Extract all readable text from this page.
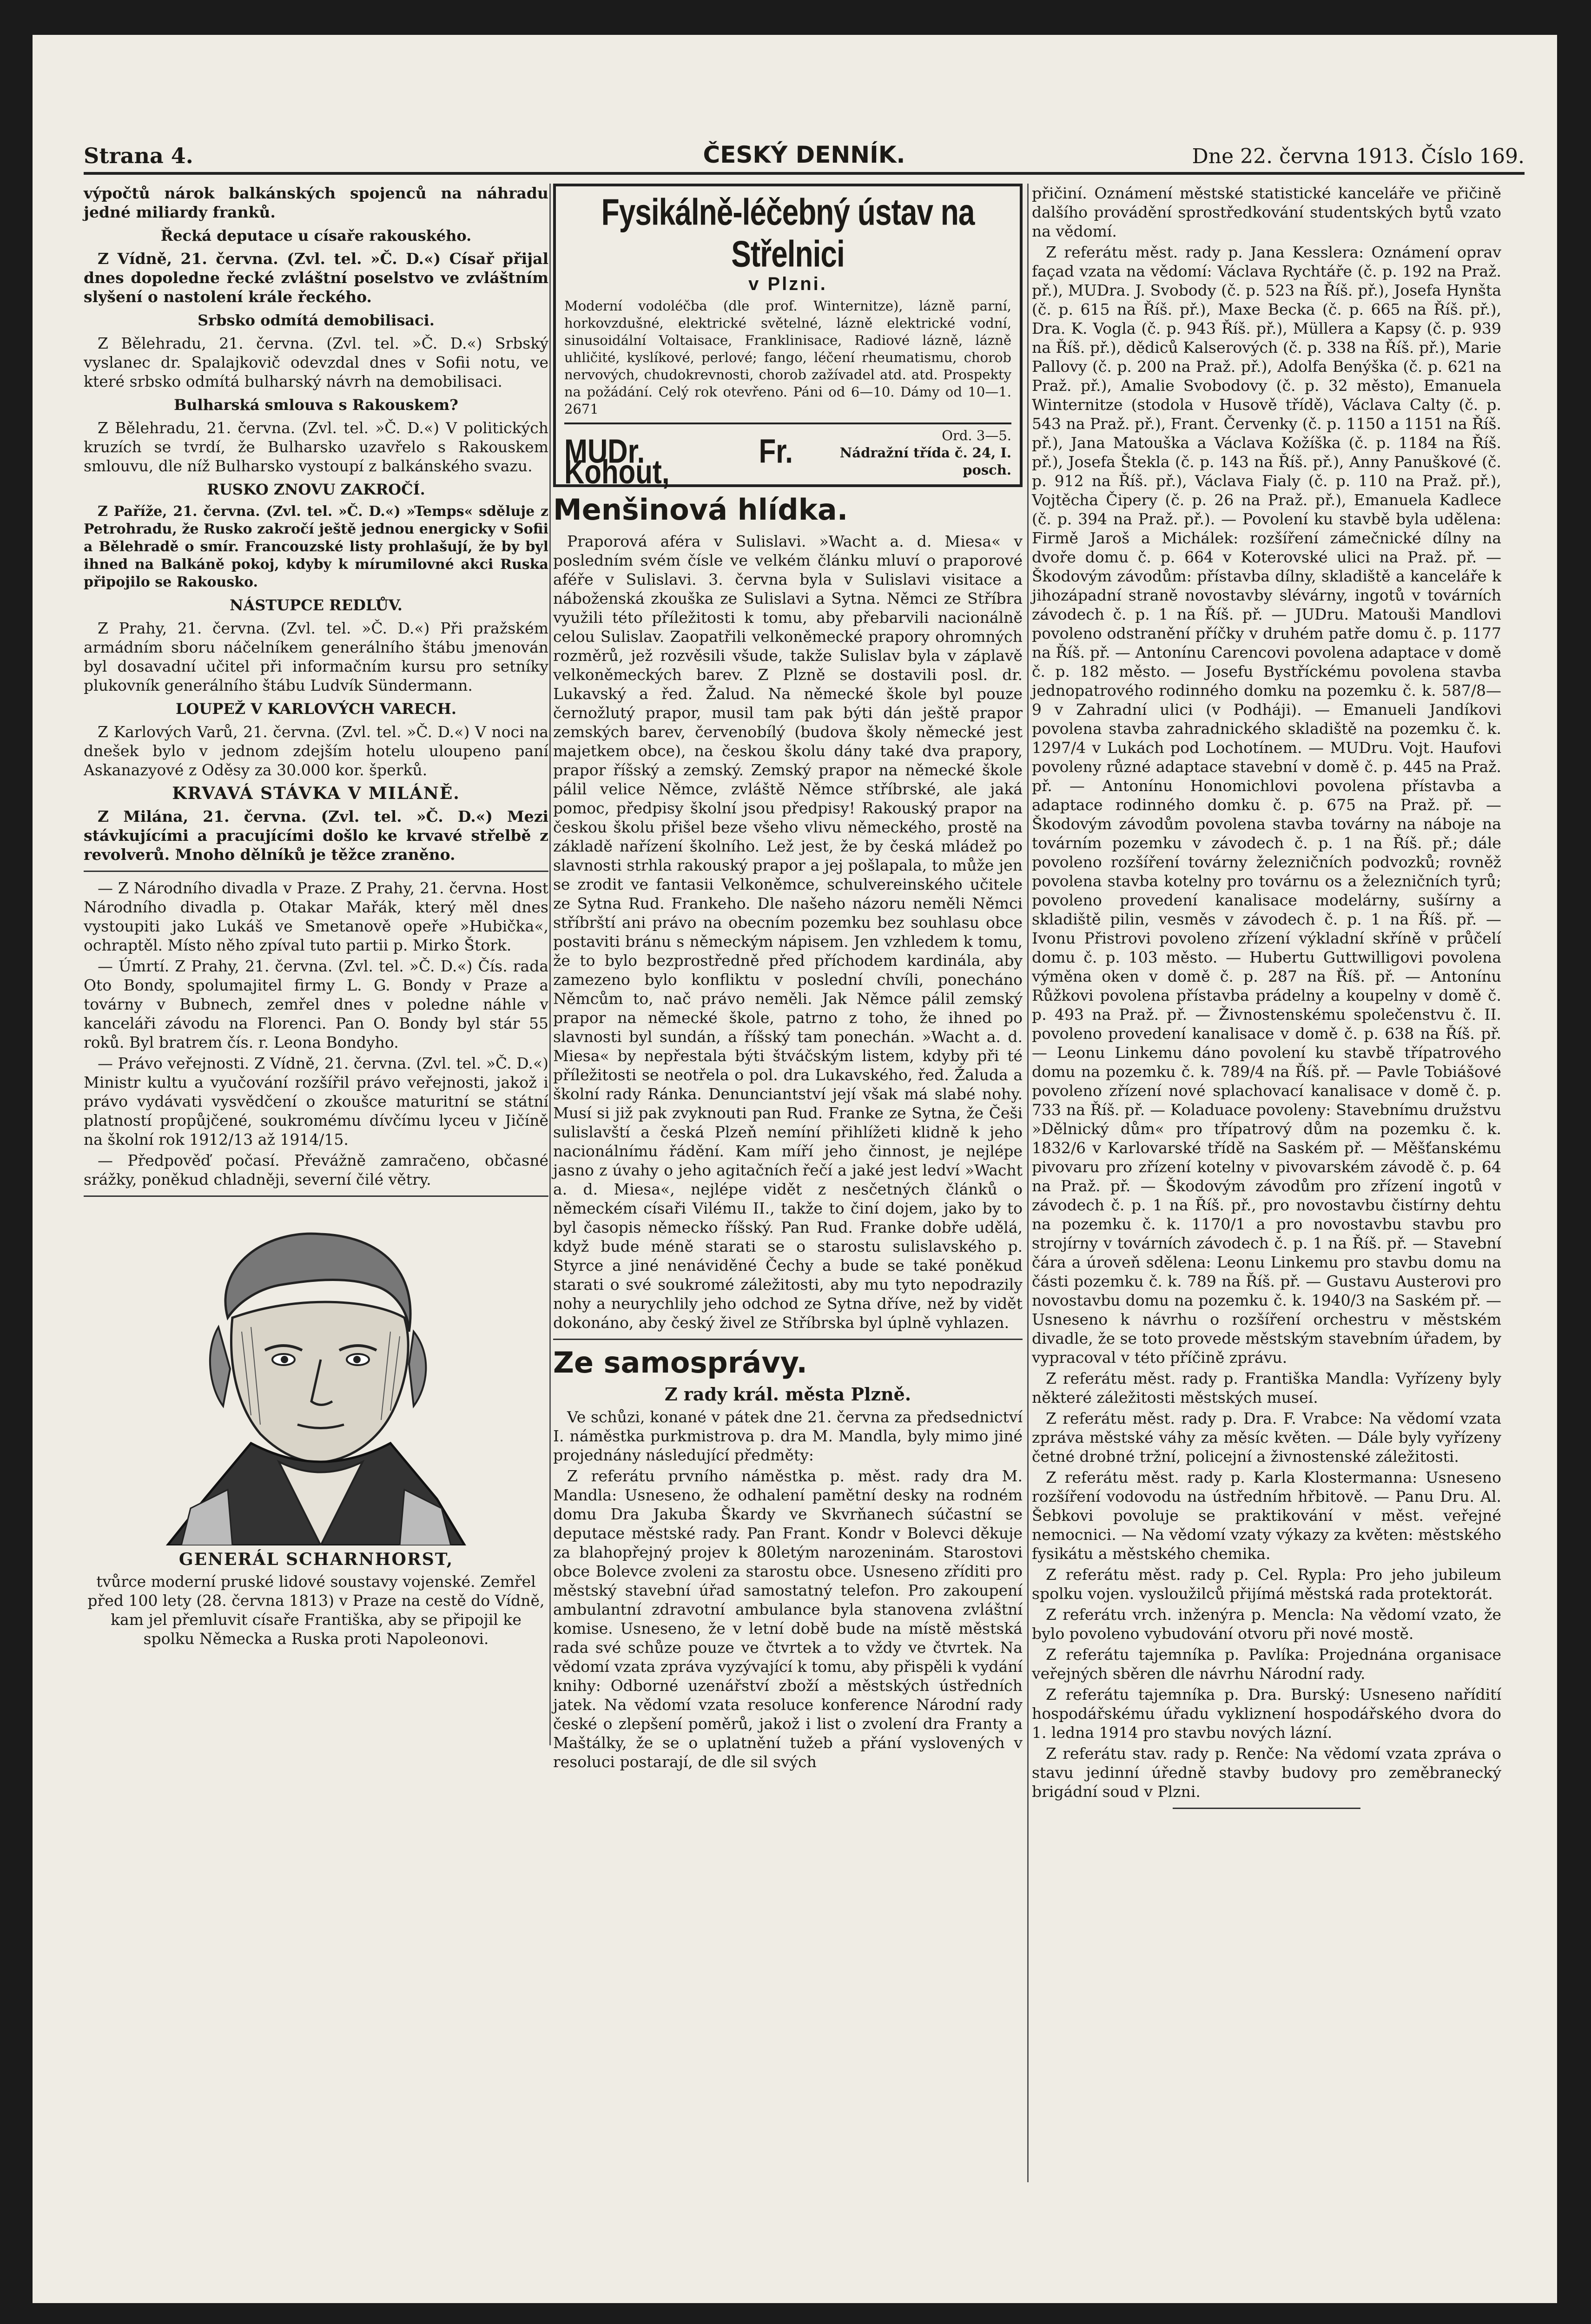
Strana 4.	ČESKÝ DENNÍK.	Dne 22. června 1913. Číslo 169.

výpočtů nárok balkánských spojenců na náhradu jedné miliardy franků.

Řecká deputace u císaře rakouského.

Z Vídně, 21. června. (Zvl. tel. »Č. D.«) Císař přijal dnes dopoledne řecké zvláštní poselstvo ve zvláštním slyšení o nastolení krále řeckého.

Srbsko odmítá demobilisaci.

Z Bělehradu, 21. června. (Zvl. tel. »Č. D.«) Srbský vyslanec dr. Spalajkovič odevzdal dnes v Sofii notu, ve které srbsko odmítá bulharský návrh na demobilisaci.

Bulharská smlouva s Rakouskem?

Z Bělehradu, 21. června. (Zvl. tel. »Č. D.«) V politických kruzích se tvrdí, že Bulharsko uzavřelo s Rakouskem smlouvu, dle níž Bulharsko vystoupí z balkánského svazu.

RUSKO ZNOVU ZAKROČÍ.

Z Paříže, 21. června. (Zvl. tel. »Č. D.«) »Temps« sděluje z Petrohradu, že Rusko zakročí ještě jednou energicky v Sofii a Bělehradě o smír. Francouzské listy prohlašují, že by byl ihned na Balkáně pokoj, kdyby k mírumilovné akci Ruska připojilo se Rakousko.

NÁSTUPCE REDLŮV.

Z Prahy, 21. června. (Zvl. tel. »Č. D.«) Při pražském armádním sboru náčelníkem generálního štábu jmenován byl dosavadní učitel při informačním kursu pro setníky plukovník generálního štábu Ludvík Sündermann.

LOUPEŽ V KARLOVÝCH VAREСH.

Z Karlových Varů, 21. června. (Zvl. tel. »Č. D.«) V noci na dnešek bylo v jednom zdejším hotelu uloupeno paní Askanazyové z Oděsy za 30.000 kor. šperků.

KRVAVÁ STÁVKA V MILÁNĚ.

Z Milána, 21. června. (Zvl. tel. »Č. D.«) Mezi stávkujícími a pracujícími došlo ke krvavé střelbě z revolverů. Mnoho dělníků je těžce zraněno.

— Z Národního divadla v Praze. Z Prahy, 21. června. Host Národního divadla p. Otakar Mařák, který měl dnes vystoupiti jako Lukáš ve Smetanově opeře »Hubička«, ochraptěl. Místo něho zpíval tuto partii p. Mirko Štork.

— Úmrtí. Z Prahy, 21. června. (Zvl. tel. »Č. D.«) Čís. rada Oto Bondy, spolumajitel firmy L. G. Bondy v Praze a továrny v Bubnech, zemřel dnes v poledne náhle v kanceláři závodu na Florenci. Pan O. Bondy byl stár 55 roků. Byl bratrem čís. r. Leona Bondyho.

— Právo veřejnosti. Z Vídně, 21. června. (Zvl. tel. »Č. D.«) Ministr kultu a vyučování rozšířil právo veřejnosti, jakož i právo vydávati vysvědčení o zkoušce maturitní se státní platností propůjčené, soukromému dívčímu lyceu v Jičíně na školní rok 1912/13 až 1914/15.

— Předpověď počasí. Převážně zamračeno, občasné srážky, poněkud chladněji, severní čilé větry.

GENERÁL SCHARNHORST,
tvůrce moderní pruské lidové soustavy vojenské. Zemřel před 100 lety (28. června 1813) v Praze na cestě do Vídně, kam jel přemluvit císaře Františka, aby se připojil ke spolku Německa a Ruska proti Napoleonovi.
Fysikálně-léčebný ústav na Střelnici
v Plzni.
Moderní vodoléčba (dle prof. Winternitze), lázně parní, horkovzdušné, elektrické světelné, lázně elektrické vodní, sinusoidální Voltaisace, Franklinisace, Radiové lázně, lázně uhličité, kyslíkové, perlové; fango, léčení rheumatismu, chorob nervových, chudokrevnosti, chorob zažívadel atd. atd. Prospekty na požádání. Celý rok otevřeno. Páni od 6—10. Dámy od 10—1. 2671
MUDr. Fr. Kohout,
Ord. 3—5.
Nádražní třída č. 24, I. posch.
Menšinová hlídka.

Praporová aféra v Sulislavi. »Wacht a. d. Miesa« v posledním svém čísle ve velkém článku mluví o praporové aféře v Sulislavi. 3. června byla v Sulislavi visitace a náboženská zkouška ze Sulislavi a Sytna. Němci ze Stříbra využili této příležitosti k tomu, aby přebarvili nacionálně celou Sulislav. Zaopatřili velkoněmecké prapory ohromných rozměrů, jež rozvěsili všude, takže Sulislav byla v záplavě velkoněmeckých barev. Z Plzně se dostavili posl. dr. Lukavský a řed. Žalud. Na německé škole byl pouze černožlutý prapor, musil tam pak býti dán ještě prapor zemských barev, červenobílý (budova školy německé jest majetkem obce), na českou školu dány také dva prapory, prapor říšský a zemský. Zemský prapor na německé škole pálil velice Němce, zvláště Němce stříbrské, ale jaká pomoc, předpisy školní jsou předpisy! Rakouský prapor na českou školu přišel beze všeho vlivu německého, prostě na základě nařízení školního. Lež jest, že by česká mládež po slavnosti strhla rakouský prapor a jej pošlapala, to může jen se zrodit ve fantasii Velkoněmce, schulvereinského učitele ze Sytna Rud. Frankeho. Dle našeho názoru neměli Němci stříbrští ani právo na obecním pozemku bez souhlasu obce postaviti bránu s německým nápisem. Jen vzhledem k tomu, že to bylo bezprostředně před příchodem kardinála, aby zamezeno bylo konfliktu v poslední chvíli, ponecháno Němcům to, nač právo neměli. Jak Němce pálil zemský prapor na německé škole, patrno z toho, že ihned po slavnosti byl sundán, a říšský tam ponechán. »Wacht a. d. Miesa« by nepřestala býti štváčským listem, kdyby při té příležitosti se neotřela o pol. dra Lukavského, řed. Žaluda a školní rady Ránka. Denunciantství její však má slabé nohy. Musí si již pak zvyknouti pan Rud. Franke ze Sytna, že Češi sulislavští a česká Plzeň nemíní přihlížeti klidně k jeho nacionálnímu řádění. Kam míří jeho činnost, je nejlépe jasno z úvahy o jeho agitačních řečí a jaké jest ledví »Wacht a. d. Miesa«, nejlépe vidět z nesčetných článků o německém císaři Vilému II., takže to činí dojem, jako by to byl časopis německo říšský. Pan Rud. Franke dobře udělá, když bude méně starati se o starostu sulislavského p. Styrce a jiné nenáviděné Čechy a bude se také poněkud starati o své soukromé záležitosti, aby mu tyto nepodrazily nohy a neurychlily jeho odchod ze Sytna dříve, než by vidět dokonáno, aby český živel ze Stříbrska byl úplně vyhlazen.

Ze samosprávy.
Z rady král. města Plzně.

Ve schůzi, konané v pátek dne 21. června za předsednictví I. náměstka purkmistrova p. dra M. Mandla, byly mimo jiné projednány následující předměty:

Z referátu prvního náměstka p. měst. rady dra M. Mandla: Usneseno, že odhalení pamětní desky na rodném domu Dra Jakuba Škardy ve Skvrňanech súčastní se deputace městské rady. Pan Frant. Kondr v Bolevci děkuje za blahopřejný projev k 80letým narozeninám. Starostovi obce Bolevce zvoleni za starostu obce. Usneseno zříditi pro městský stavební úřad samostatný telefon. Pro zakoupení ambulantní zdravotní ambulance byla stanovena zvláštní komise. Usneseno, že v letní době bude na místě městská rada své schůze pouze ve čtvrtek a to vždy ve čtvrtek. Na vědomí vzata zpráva vyzývající k tomu, aby přispěli k vydání knihy: Odborné uzenářství zboží a městských ústředních jatek. Na vědomí vzata resoluce konference Národní rady české o zlepšení poměrů, jakož i list o zvolení dra Franty a Maštálky, že se o uplatnění tužeb a přání vyslovených v resoluci postarají, de dle sil svých

přičiní. Oznámení městské statistické kanceláře ve přičině dalšího provádění sprostředkování studentských bytů vzato na vědomí.

Z referátu měst. rady p. Jana Kesslera: Oznámení oprav façad vzata na vědomí: Václava Rychtáře (č. p. 192 na Praž. př.), MUDra. J. Svobody (č. p. 523 na Říš. př.), Josefa Hynšta (č. p. 615 na Říš. př.), Maxe Becka (č. p. 665 na Říš. př.), Dra. K. Vogla (č. p. 943 Říš. př.), Müllera a Kapsy (č. p. 939 na Říš. př.), dědiců Kalserových (č. p. 338 na Říš. př.), Marie Pallovy (č. p. 200 na Praž. př.), Adolfa Benýška (č. p. 621 na Praž. př.), Amalie Svobodovy (č. p. 32 město), Emanuela Winternitze (stodola v Husově třídě), Václava Calty (č. p. 543 na Praž. př.), Frant. Červenky (č. p. 1150 a 1151 na Říš. př.), Jana Matouška a Václava Kožíška (č. p. 1184 na Říš. př.), Josefa Štekla (č. p. 143 na Říš. př.), Anny Panuškové (č. p. 912 na Říš. př.), Václava Fialy (č. p. 110 na Praž. př.), Vojtěcha Čipery (č. p. 26 na Praž. př.), Emanuela Kadlece (č. p. 394 na Praž. př.). — Povolení ku stavbě byla udělena: Firmě Jaroš a Michálek: rozšíření zámečnické dílny na dvoře domu č. p. 664 v Koterovské ulici na Praž. př. — Škodovým závodům: přístavba dílny, skladiště a kanceláře k jihozápadní straně novostavby slévárny, ingotů v továrních závodech č. p. 1 na Říš. př. — JUDru. Matouši Mandlovi povoleno odstranění příčky v druhém patře domu č. p. 1177 na Říš. př. — Antonínu Carencovi povolena adaptace v domě č. p. 182 město. — Josefu Bystříckému povolena stavba jednopatrového rodinného domku na pozemku č. k. 587/8—9 v Zahradní ulici (v Podháji). — Emanueli Jandíkovi povolena stavba zahradnického skladiště na pozemku č. k. 1297/4 v Lukách pod Lochotínem. — MUDru. Vojt. Haufovi povoleny různé adaptace stavební v domě č. p. 445 na Praž. př. — Antonínu Honomichlovi povolena přístavba a adaptace rodinného domku č. p. 675 na Praž. př. — Škodovým závodům povolena stavba továrny na náboje na továrním pozemku v závodech č. p. 1 na Říš. př.; dále povoleno rozšíření továrny železničních podvozků; rovněž povolena stavba kotelny pro továrnu os a železničních tyrů; povoleno provedení kanalisace modelárny, sušírny a skladiště pilin, vesměs v závodech č. p. 1 na Říš. př. — Ivonu Přistrovi povoleno zřízení výkladní skříně v průčelí domu č. p. 103 město. — Hubertu Guttwilligovi povolena výměna oken v domě č. p. 287 na Říš. př. — Antonínu Růžkovi povolena přístavba prádelny a koupelny v domě č. p. 493 na Praž. př. — Živnostenskému společenstvu č. II. povoleno provedení kanalisace v domě č. p. 638 na Říš. př. — Leonu Linkemu dáno povolení ku stavbě třípatrového domu na pozemku č. k. 789/4 na Říš. př. — Pavle Tobiášové povoleno zřízení nové splachovací kanalisace v domě č. p. 733 na Říš. př. — Koladuace povoleny: Stavebnímu družstvu »Dělnický dům« pro třípatrový dům na pozemku č. k. 1832/6 v Karlovarské třídě na Saském př. — Měšťanskému pivovaru pro zřízení kotelny v pivovarském závodě č. p. 64 na Praž. př. — Škodovým závodům pro zřízení ingotů v závodech č. p. 1 na Říš. př., pro novostavbu čistírny dehtu na pozemku č. k. 1170/1 a pro novostavbu stavbu pro strojírny v továrních závodech č. p. 1 na Říš. př. — Stavební čára a úroveň sdělena: Leonu Linkemu pro stavbu domu na části pozemku č. k. 789 na Říš. př. — Gustavu Austerovi pro novostavbu domu na pozemku č. k. 1940/3 na Saském př. — Usneseno k návrhu o rozšíření orchestru v městském divadle, že se toto provede městským stavebním úřadem, by vypracoval v této příčině zprávu.

Z referátu měst. rady p. Františka Mandla: Vyřízeny byly některé záležitosti městských museí.

Z referátu měst. rady p. Dra. F. Vrabce: Na vědomí vzata zpráva městské váhy za měsíc květen. — Dále byly vyřízeny četné drobné tržní, policejní a živnostenské záležitosti.

Z referátu měst. rady p. Karla Klostermanna: Usneseno rozšíření vodovodu na ústředním hřbitově. — Panu Dru. Al. Šebkovi povoluje se praktikování v měst. veřejné nemocnici. — Na vědomí vzaty výkazy za květen: městského fysikátu a městského chemika.

Z referátu měst. rady p. Cel. Rypla: Pro jeho jubileum spolku vojen. vysloužilců přijímá městská rada protektorát.

Z referátu vrch. inženýra p. Mencla: Na vědomí vzato, že bylo povoleno vybudování otvoru při nové mostě.

Z referátu tajemníka p. Pavlíka: Projednána organisace veřejných sběren dle návrhu Národní rady.

Z referátu tajemníka p. Dra. Burský: Usneseno nařídití hospodářskému úřadu vykliznení hospodářského dvora do 1. ledna 1914 pro stavbu nových lázní.

Z referátu stav. rady p. Renče: Na vědomí vzata zpráva o stavu jedinní úředně stavby budovy pro zeměbranecký brigádní soud v Plzni.
